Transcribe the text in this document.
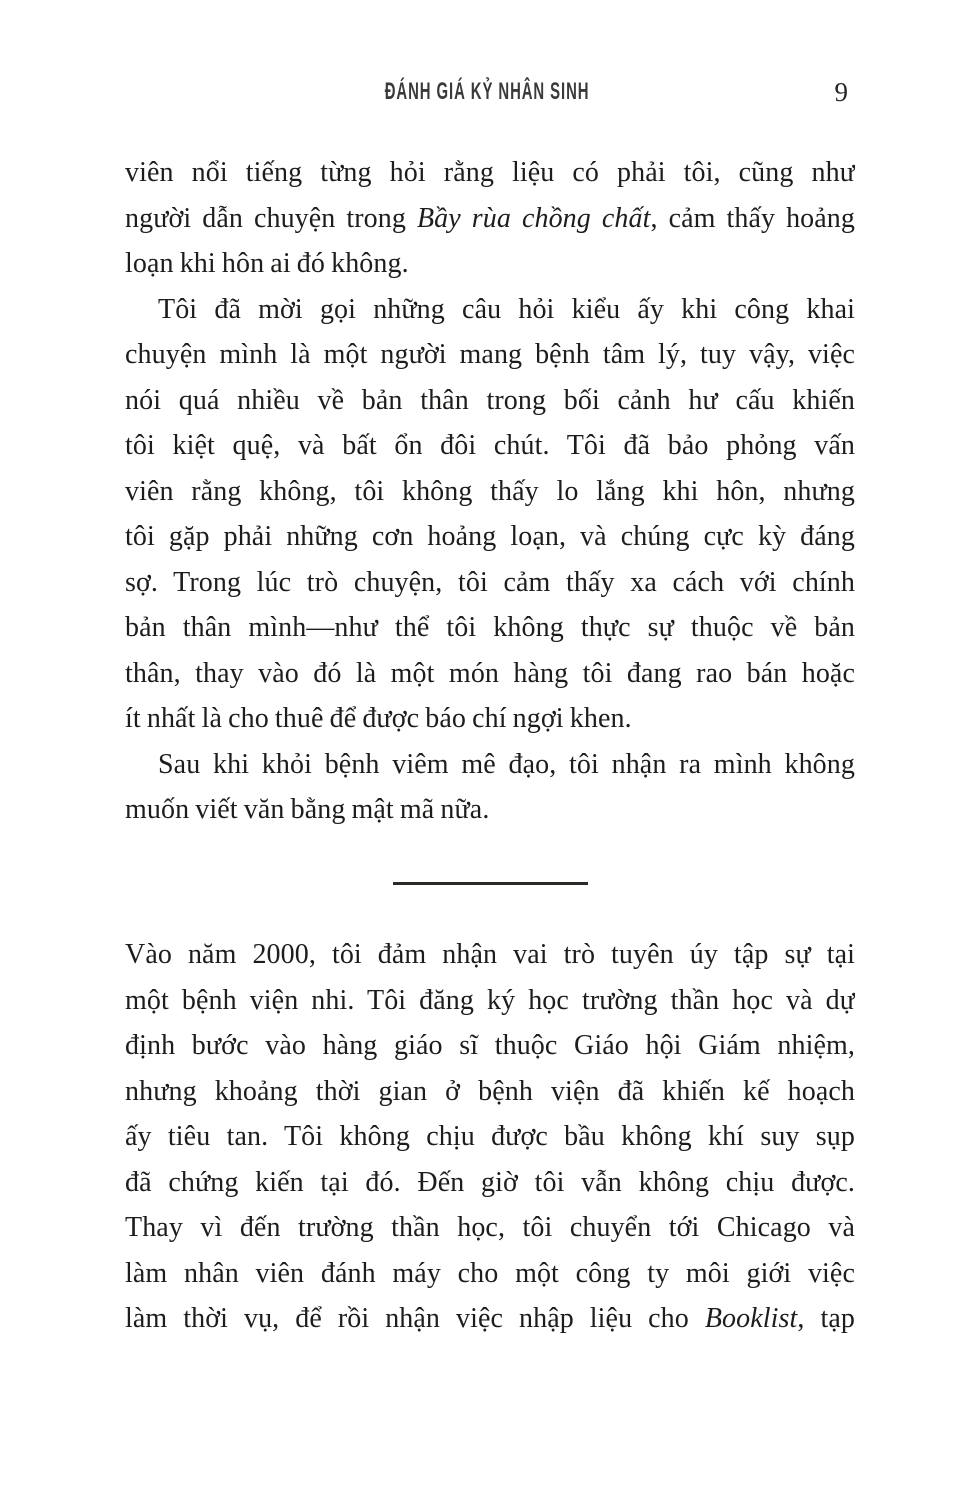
ĐÁNH GIÁ KỶ NHÂN SINH	9
viên nổi tiếng từng hỏi rằng liệu có phải tôi, cũng như
người dẫn chuyện trong Bầy rùa chồng chất, cảm thấy hoảng
loạn khi hôn ai đó không.
Tôi đã mời gọi những câu hỏi kiểu ấy khi công khai
chuyện mình là một người mang bệnh tâm lý, tuy vậy, việc
nói quá nhiều về bản thân trong bối cảnh hư cấu khiến
tôi kiệt quệ, và bất ổn đôi chút. Tôi đã bảo phỏng vấn
viên rằng không, tôi không thấy lo lắng khi hôn, nhưng
tôi gặp phải những cơn hoảng loạn, và chúng cực kỳ đáng
sợ. Trong lúc trò chuyện, tôi cảm thấy xa cách với chính
bản thân mình—như thể tôi không thực sự thuộc về bản
thân, thay vào đó là một món hàng tôi đang rao bán hoặc
ít nhất là cho thuê để được báo chí ngợi khen.
Sau khi khỏi bệnh viêm mê đạo, tôi nhận ra mình không
muốn viết văn bằng mật mã nữa.
Vào năm 2000, tôi đảm nhận vai trò tuyên úy tập sự tại
một bệnh viện nhi. Tôi đăng ký học trường thần học và dự
định bước vào hàng giáo sĩ thuộc Giáo hội Giám nhiệm,
nhưng khoảng thời gian ở bệnh viện đã khiến kế hoạch
ấy tiêu tan. Tôi không chịu được bầu không khí suy sụp
đã chứng kiến tại đó. Đến giờ tôi vẫn không chịu được.
Thay vì đến trường thần học, tôi chuyển tới Chicago và
làm nhân viên đánh máy cho một công ty môi giới việc
làm thời vụ, để rồi nhận việc nhập liệu cho Booklist, tạp
